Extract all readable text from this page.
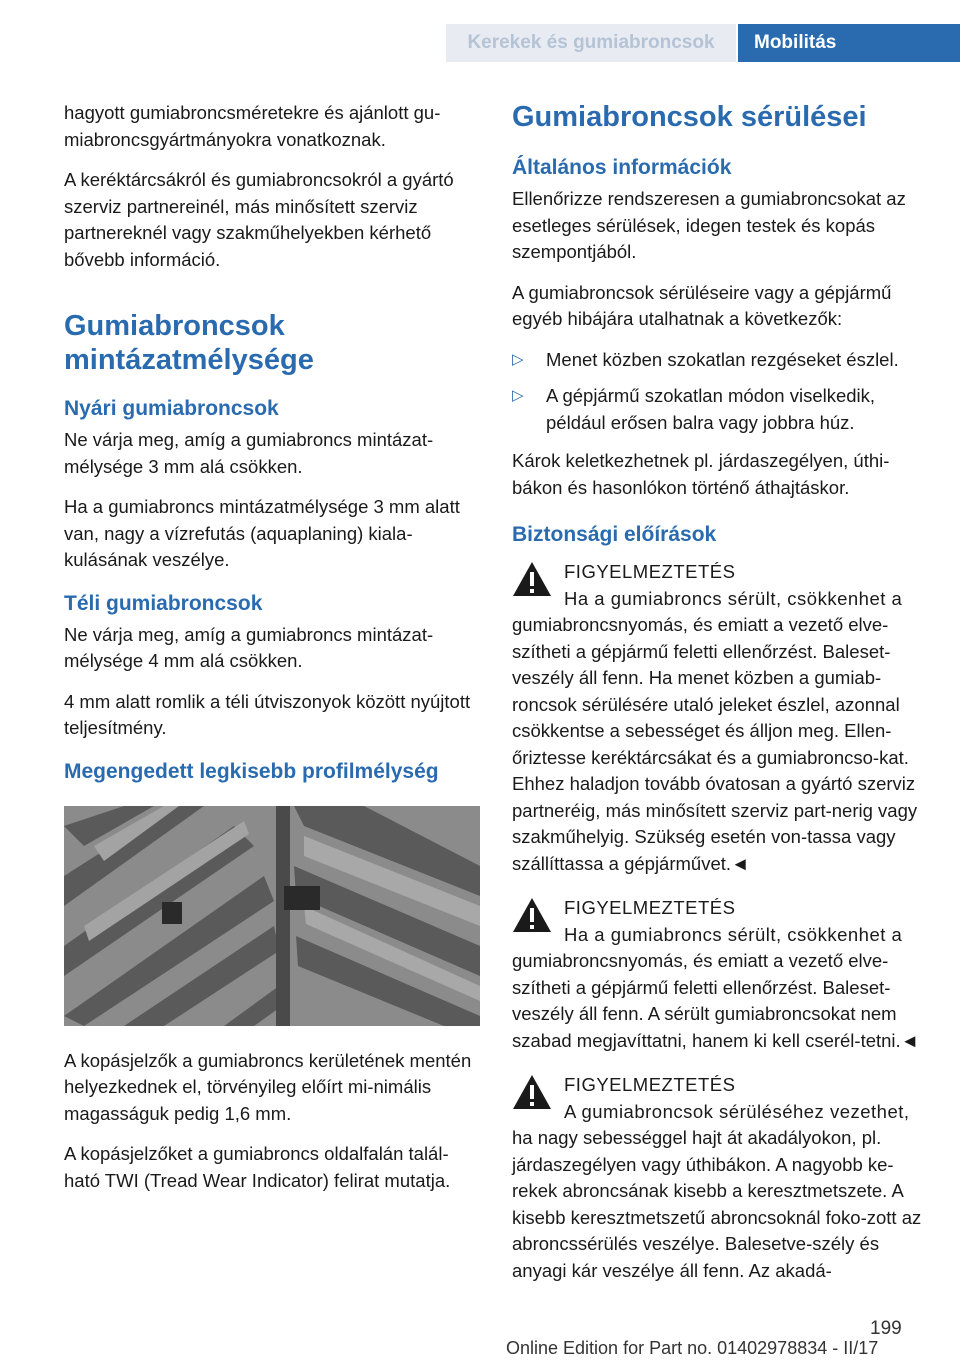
Kerekek és gumiabroncsok	Mobilitás

hagyott gumiabroncsméretekre és ajánlott gu-miabroncsgyártmányokra vonatkoznak.

A keréktárcsákról és gumiabroncsokról a gyártó szerviz partnereinél, más minősített szerviz partnereknél vagy szakműhelyekben kérhető bővebb információ.

Gumiabroncsok mintázatmélysége
Nyári gumiabroncsok

Ne várja meg, amíg a gumiabroncs mintázat-mélysége 3 mm alá csökken.

Ha a gumiabroncs mintázatmélysége 3 mm alatt van, nagy a vízrefutás (aquaplaning) kiala-kulásának veszélye.

Téli gumiabroncsok

Ne várja meg, amíg a gumiabroncs mintázat-mélysége 4 mm alá csökken.

4 mm alatt romlik a téli útviszonyok között nyújtott teljesítmény.

Megengedett legkisebb profilmélység

A kopásjelzők a gumiabroncs kerületének mentén helyezkednek el, törvényileg előírt mi-nimális magasságuk pedig 1,6 mm.

A kopásjelzőket a gumiabroncs oldalfalán talál-ható TWI (Tread Wear Indicator) felirat mutatja.

Gumiabroncsok sérülései
Általános információk

Ellenőrizze rendszeresen a gumiabroncsokat az esetleges sérülések, idegen testek és kopás szempontjából.

A gumiabroncsok sérüléseire vagy a gépjármű egyéb hibájára utalhatnak a következők:

▷ Menet közben szokatlan rezgéseket észlel.
▷ A gépjármű szokatlan módon viselkedik, például erősen balra vagy jobbra húz.

Károk keletkezhetnek pl. járdaszegélyen, úthi-bákon és hasonlókon történő áthajtáskor.

Biztonsági előírások
FIGYELMEZTETÉS
Ha a gumiabroncs sérült, csökkenhet a
gumiabroncsnyomás, és emiatt a vezető elve-szítheti a gépjármű feletti ellenőrzést. Baleset-veszély áll fenn. Ha menet közben a gumiab-roncsok sérülésére utaló jeleket észlel, azonnal csökkentse a sebességet és álljon meg. Ellen-őriztesse keréktárcsákat és a gumiabroncso-kat. Ehhez haladjon tovább óvatosan a gyártó szerviz partneréig, más minősített szerviz part-nerig vagy szakműhelyig. Szükség esetén von-tassa vagy szállíttassa a gépjárművet.◄
FIGYELMEZTETÉS
Ha a gumiabroncs sérült, csökkenhet a
gumiabroncsnyomás, és emiatt a vezető elve-szítheti a gépjármű feletti ellenőrzést. Baleset-veszély áll fenn. A sérült gumiabroncsokat nem szabad megjavíttatni, hanem ki kell cserél-tetni.◄
FIGYELMEZTETÉS
A gumiabroncsok sérüléséhez vezethet,
ha nagy sebességgel hajt át akadályokon, pl. járdaszegélyen vagy úthibákon. A nagyobb ke-rekek abroncsának kisebb a keresztmetszete. A kisebb keresztmetszetű abroncsoknál foko-zott az abroncssérülés veszélye. Balesetve-szély és anyagi kár veszélye áll fenn. Az akadá-
199
Online Edition for Part no. 01402978834 - II/17
